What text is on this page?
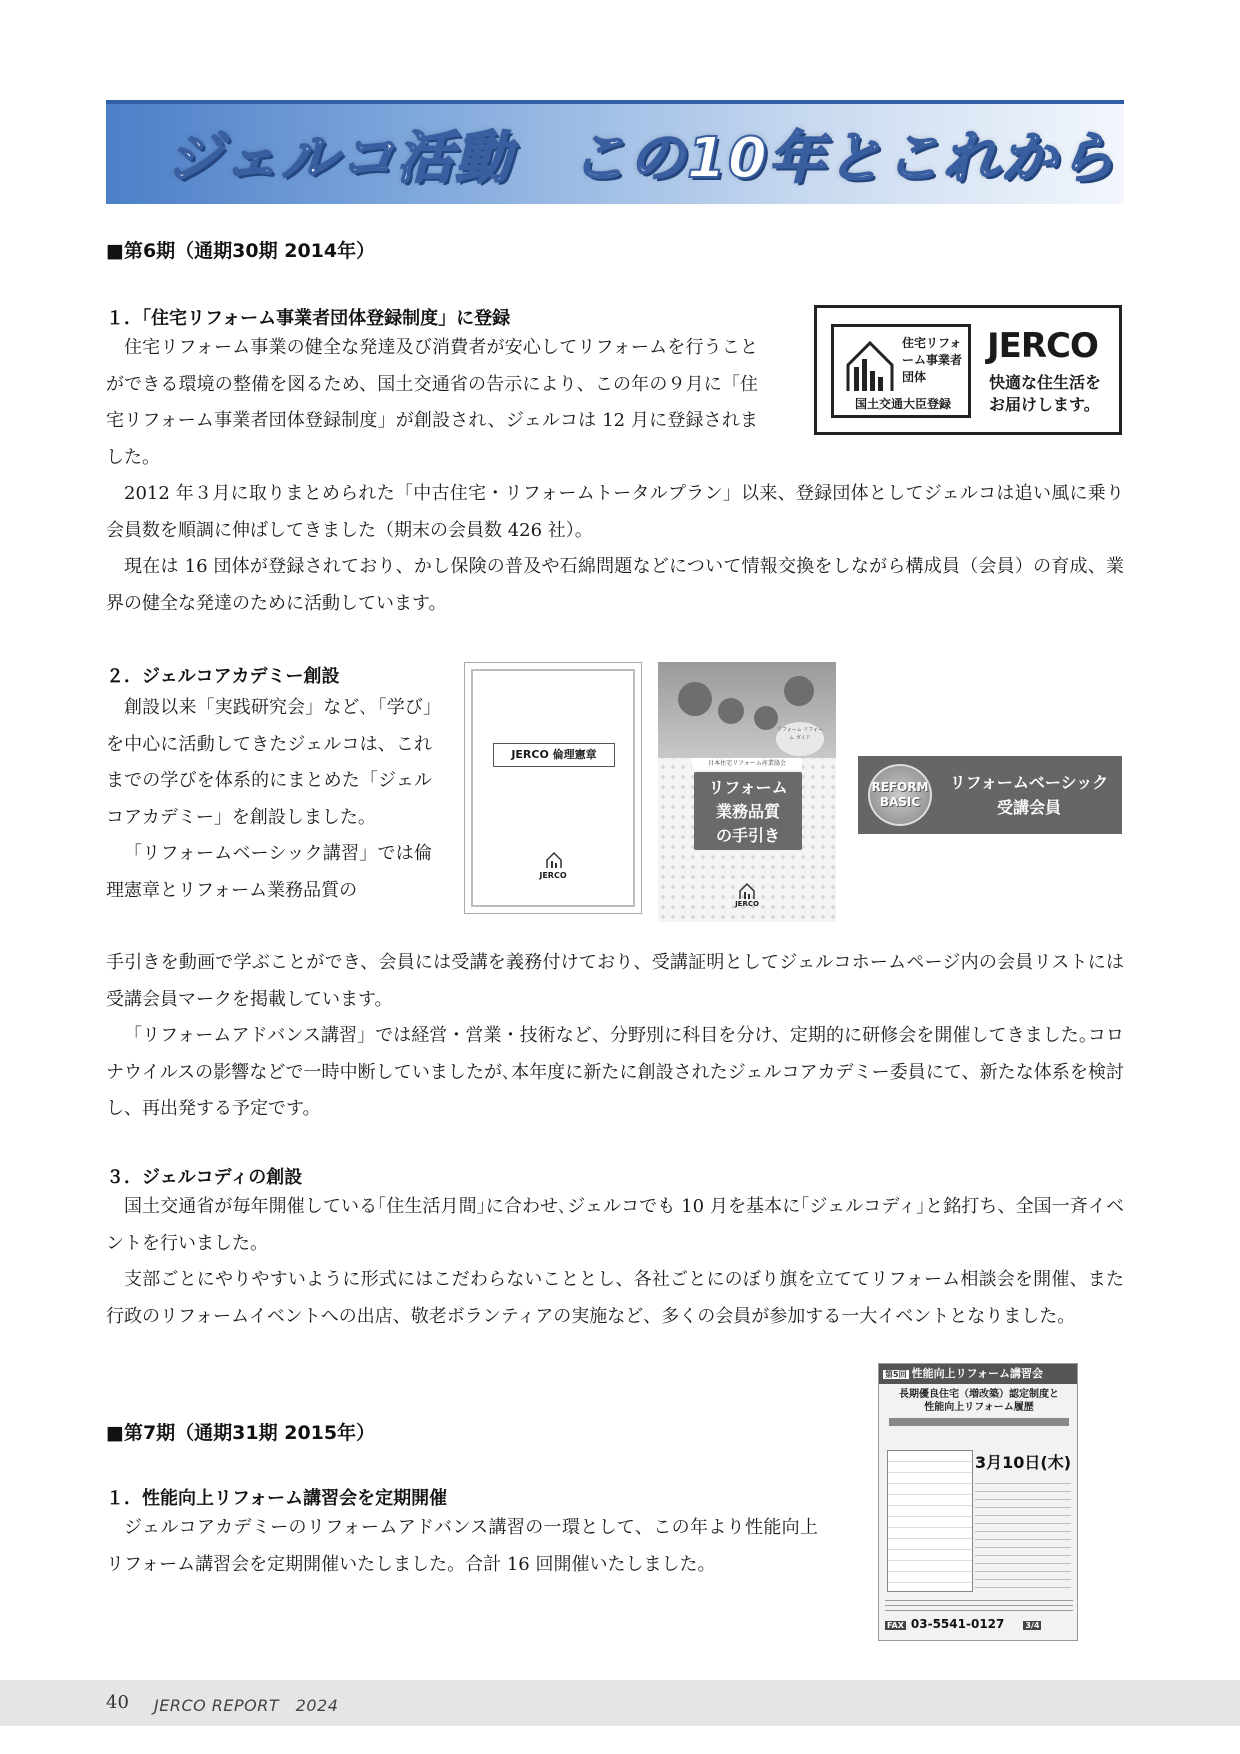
ジェルコ活動　この10年とこれから
■第6期（通期30期 2014年）
１．「住宅リフォーム事業者団体登録制度」に登録

住宅リフォーム事業の健全な発達及び消費者が安心してリフォームを行うことができる環境の整備を図るため、国土交通省の告示により、この年の９月に「住宅リフォーム事業者団体登録制度」が創設され、ジェルコは 12 月に登録されました。

2012 年３月に取りまとめられた「中古住宅・リフォームトータルプラン」以来、登録団体としてジェルコは追い風に乗り会員数を順調に伸ばしてきました（期末の会員数 426 社）。

現在は 16 団体が登録されており、かし保険の普及や石綿問題などについて情報交換をしながら構成員（会員）の育成、業界の健全な発達のために活動しています。

住宅リフォーム事業者団体
国土交通大臣登録
JERCO
快適な住生活を
お届けします。
２．ジェルコアカデミー創設

創設以来「実践研究会」など､「学び」を中心に活動してきたジェルコは、これまでの学びを体系的にまとめた「ジェルコアカデミー」を創設しました。

「リフォームベーシック講習」では倫理憲章とリフォーム業務品質の

手引きを動画で学ぶことができ、会員には受講を義務付けており、受講証明としてジェルコホームページ内の会員リストには受講会員マークを掲載しています。

「リフォームアドバンス講習」では経営・営業・技術など、分野別に科目を分け、定期的に研修会を開催してきました｡コロナウイルスの影響などで一時中断していましたが､本年度に新たに創設されたジェルコアカデミー委員にて、新たな体系を検討し、再出発する予定です。

JERCO 倫理憲章
JERCO
リフォーム リフォーム ガイド
日本住宅リフォーム産業協会
リフォーム
業務品質
の手引き
JERCO
REFORM
BASIC
リフォームベーシック
受講会員
３．ジェルコディの創設

国土交通省が毎年開催している｢住生活月間｣に合わせ､ジェルコでも 10 月を基本に｢ジェルコディ｣と銘打ち、全国一斉イベントを行いました。

支部ごとにやりやすいように形式にはこだわらないこととし、各社ごとにのぼり旗を立ててリフォーム相談会を開催、また行政のリフォームイベントへの出店、敬老ボランティアの実施など、多くの会員が参加する一大イベントとなりました。

■第7期（通期31期 2015年）
１．性能向上リフォーム講習会を定期開催

ジェルコアカデミーのリフォームアドバンス講習の一環として、この年より性能向上リフォーム講習会を定期開催いたしました。合計 16 回開催いたしました。

第5回 性能向上リフォーム講習会
長期優良住宅（増改築）認定制度と
性能向上リフォーム履歴
3月10日(木)
FAX 03-5541-0127	3/4
40 JERCO REPORT　2024
